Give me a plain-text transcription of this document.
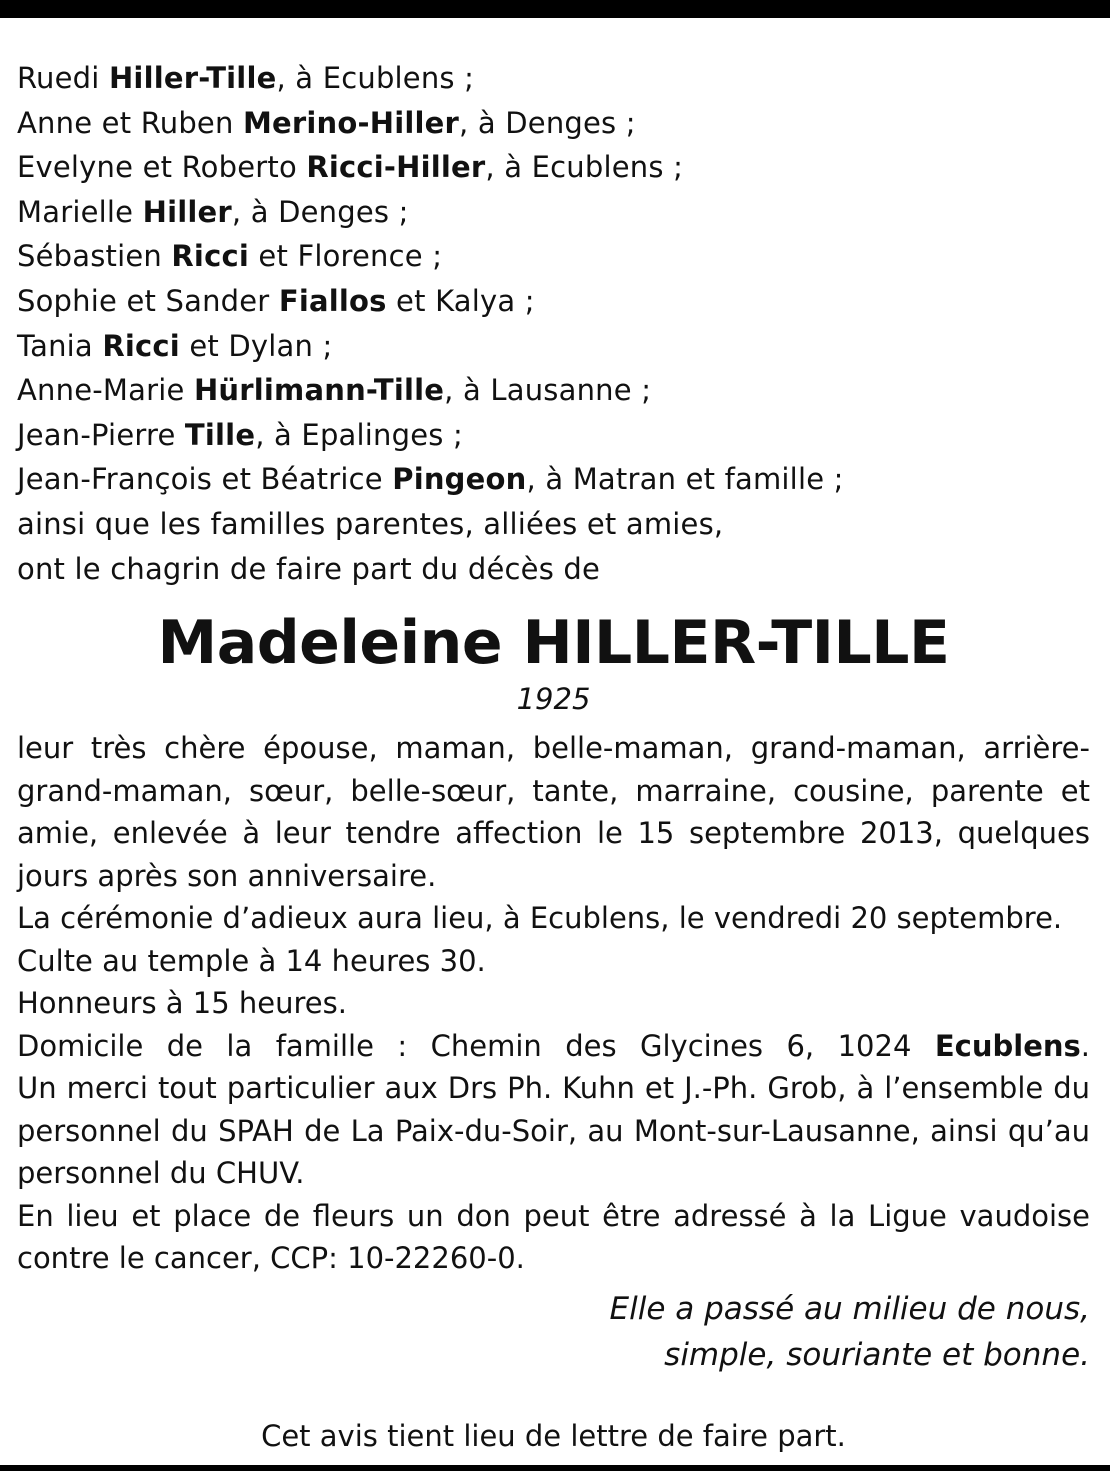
Ruedi Hiller-Tille, à Ecublens ;
Anne et Ruben Merino-Hiller, à Denges ;
Evelyne et Roberto Ricci-Hiller, à Ecublens ;
Marielle Hiller, à Denges ;
Sébastien Ricci et Florence ;
Sophie et Sander Fiallos et Kalya ;
Tania Ricci et Dylan ;
Anne-Marie Hürlimann-Tille, à Lausanne ;
Jean-Pierre Tille, à Epalinges ;
Jean-François et Béatrice Pingeon, à Matran et famille ;
ainsi que les familles parentes, alliées et amies,
ont le chagrin de faire part du décès de
Madeleine HILLER-TILLE
1925

leur très chère épouse, maman, belle-maman, grand-maman, arrière-grand-maman, sœur, belle-sœur, tante, marraine, cousine, parente et amie, enlevée à leur tendre affection le 15 septembre 2013, quelques jours après son anniversaire.

La cérémonie d’adieux aura lieu, à Ecublens, le vendredi 20 septembre.

Culte au temple à 14 heures 30.

Honneurs à 15 heures.

Domicile de la famille : Chemin des Glycines 6, 1024 Ecublens.

Un merci tout particulier aux Drs Ph. Kuhn et J.-Ph. Grob, à l’ensemble du personnel du SPAH de La Paix-du-Soir, au Mont-sur-Lausanne, ainsi qu’au personnel du CHUV.

En lieu et place de fleurs un don peut être adressé à la Ligue vaudoise contre le cancer, CCP: 10-22260-0.

Elle a passé au milieu de nous,
simple, souriante et bonne.
Cet avis tient lieu de lettre de faire part.
